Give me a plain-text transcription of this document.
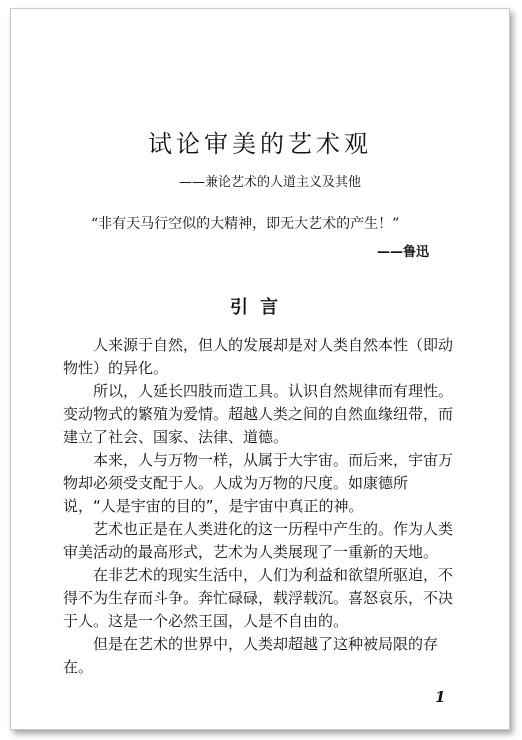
试论审美的艺术观
——兼论艺术的人道主义及其他
“非有天马行空似的大精神，即无大艺术的产生！”
——鲁迅
引言

人来源于自然，但人的发展却是对人类自然本性（即动物性）的异化。

所以，人延长四肢而造工具。认识自然规律而有理性。变动物式的繁殖为爱情。超越人类之间的自然血缘纽带，而建立了社会、国家、法律、道德。

本来，人与万物一样，从属于大宇宙。而后来，宇宙万物却必须受支配于人。人成为万物的尺度。如康德所说，“人是宇宙的目的”，是宇宙中真正的神。

艺术也正是在人类进化的这一历程中产生的。作为人类审美活动的最高形式，艺术为人类展现了一重新的天地。

在非艺术的现实生活中，人们为利益和欲望所驱迫，不得不为生存而斗争。奔忙碌碌，载浮载沉。喜怒哀乐，不决于人。这是一个必然王国，人是不自由的。

但是在艺术的世界中，人类却超越了这种被局限的存在。

1
